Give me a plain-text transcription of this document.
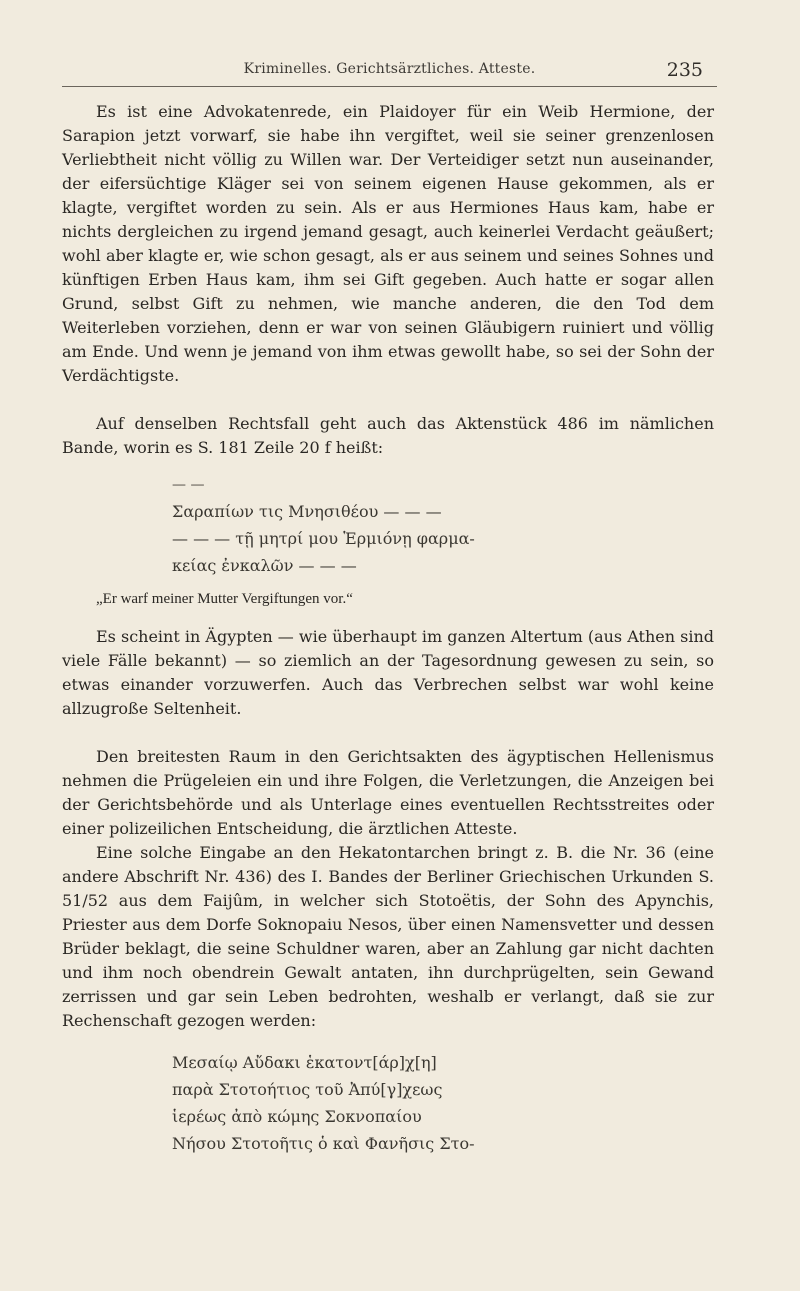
Kriminelles. Gerichtsärztliches. Atteste.	235

Es ist eine Advokatenrede, ein Plaidoyer für ein Weib Hermione, der Sarapion jetzt vorwarf, sie habe ihn vergiftet, weil sie seiner grenzenlosen Verliebtheit nicht völlig zu Willen war. Der Verteidiger setzt nun auseinander, der eifersüchtige Kläger sei von seinem eigenen Hause gekommen, als er klagte, vergiftet worden zu sein. Als er aus Hermiones Haus kam, habe er nichts dergleichen zu irgend jemand gesagt, auch keinerlei Verdacht geäußert; wohl aber klagte er, wie schon gesagt, als er aus seinem und seines Sohnes und künftigen Erben Haus kam, ihm sei Gift gegeben. Auch hatte er sogar allen Grund, selbst Gift zu nehmen, wie manche anderen, die den Tod dem Weiterleben vorziehen, denn er war von seinen Gläubigern ruiniert und völlig am Ende. Und wenn je jemand von ihm etwas gewollt habe, so sei der Sohn der Verdächtigste.

Auf denselben Rechtsfall geht auch das Aktenstück 486 im nämlichen Bande, worin es S. 181 Zeile 20 f heißt:

— —

Σαραπίων τις Μνησιθέου — — —

— — — τῇ μητρί μου Ἑρμιόνῃ φαρμα-

κείας ἐνκαλῶν — — —

„Er warf meiner Mutter Vergiftungen vor.“

Es scheint in Ägypten — wie überhaupt im ganzen Altertum (aus Athen sind viele Fälle bekannt) — so ziemlich an der Tagesordnung gewesen zu sein, so etwas einander vorzuwerfen. Auch das Verbrechen selbst war wohl keine allzugroße Seltenheit.

Den breitesten Raum in den Gerichtsakten des ägyptischen Hellenismus nehmen die Prügeleien ein und ihre Folgen, die Verletzungen, die Anzeigen bei der Gerichtsbehörde und als Unterlage eines eventuellen Rechtsstreites oder einer polizeilichen Entscheidung, die ärztlichen Atteste.

Eine solche Eingabe an den Hekatontarchen bringt z. B. die Nr. 36 (eine andere Abschrift Nr. 436) des I. Bandes der Berliner Griechischen Urkunden S. 51/52 aus dem Faijûm, in welcher sich Stotoëtis, der Sohn des Apynchis, Priester aus dem Dorfe Soknopaiu Nesos, über einen Namensvetter und dessen Brüder beklagt, die seine Schuldner waren, aber an Zahlung gar nicht dachten und ihm noch obendrein Gewalt antaten, ihn durchprügelten, sein Gewand zerrissen und gar sein Leben bedrohten, weshalb er verlangt, daß sie zur Rechenschaft gezogen werden:

Μεσαίῳ Αὔδακι ἑκατοντ[άρ]χ[η]
παρὰ Στοτοήτιος τοῦ Ἀπύ[γ]χεως
ἱερέως ἀπὸ κώμης Σοκνοπαίου
Νήσου Στοτοῆτις ὁ καὶ Φανῆσις Στο-
